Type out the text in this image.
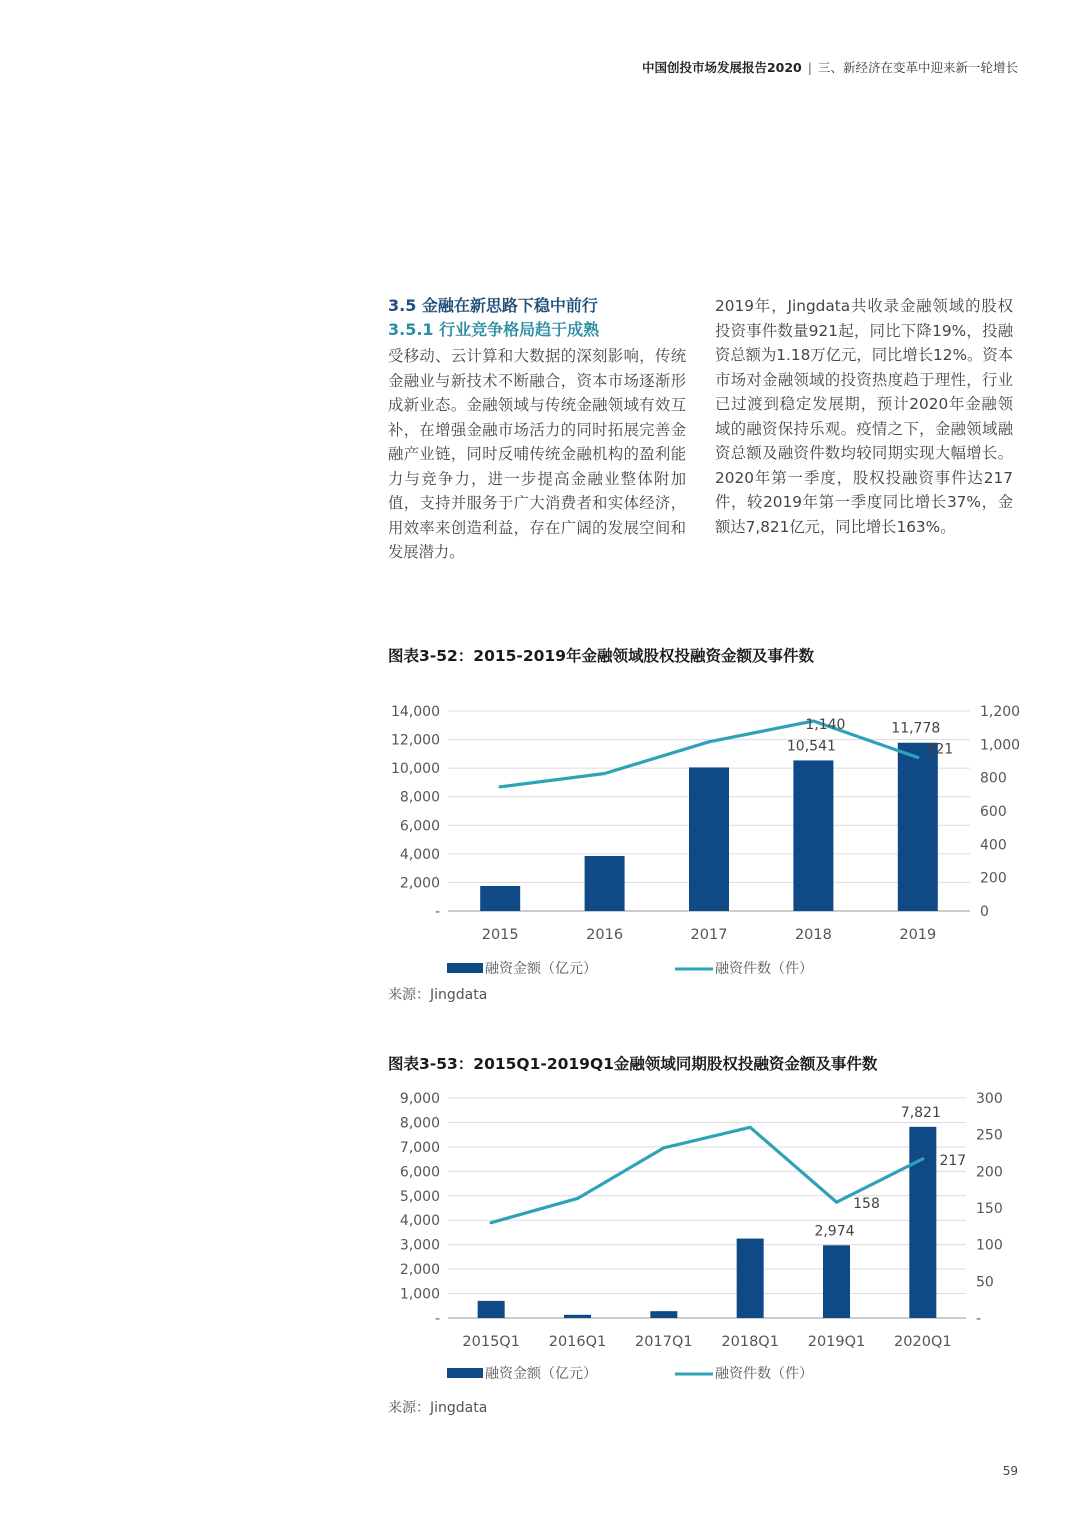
中国创投市场发展报告2020 | 三、新经济在变革中迎来新一轮增长
3.5 金融在新思路下稳中前行
3.5.1 行业竞争格局趋于成熟

受移动、云计算和大数据的深刻影响，传统金融业与新技术不断融合，资本市场逐渐形成新业态。金融领域与传统金融领域有效互补，在增强金融市场活力的同时拓展完善金融产业链，同时反哺传统金融机构的盈利能力与竞争力，进一步提高金融业整体附加值，支持并服务于广大消费者和实体经济，用效率来创造利益，存在广阔的发展空间和发展潜力。

2019年，Jingdata共收录金融领域的股权投资事件数量921起，同比下降19%，投融资总额为1.18万亿元，同比增长12%。资本市场对金融领域的投资热度趋于理性，行业已过渡到稳定发展期，预计2020年金融领域的融资保持乐观。疫情之下，金融领域融资总额及融资件数均较同期实现大幅增长。2020年第一季度，股权投融资事件达217件，较2019年第一季度同比增长37%，金额达7,821亿元，同比增长163%。

图表3-52：2015-2019年金融领域股权投融资金额及事件数
-
2,000
4,000
6,000
8,000
10,000
12,000
14,000
0
200
400
600
800
1,000
1,200
10,541
11,778
1,140
921
2015	2016	2017	2018	2019
融资金额（亿元）	融资件数（件）
来源：Jingdata
图表3-53：2015Q1-2019Q1金融领域同期股权投融资金额及事件数
-
1,000
2,000
3,000
4,000
5,000
6,000
7,000
8,000
9,000
-
50
100
150
200
250
300
2,974
7,821
158
217
2015Q1 2016Q1 2017Q1 2018Q1 2019Q1 2020Q1
融资金额（亿元）	融资件数（件）
来源：Jingdata
59
